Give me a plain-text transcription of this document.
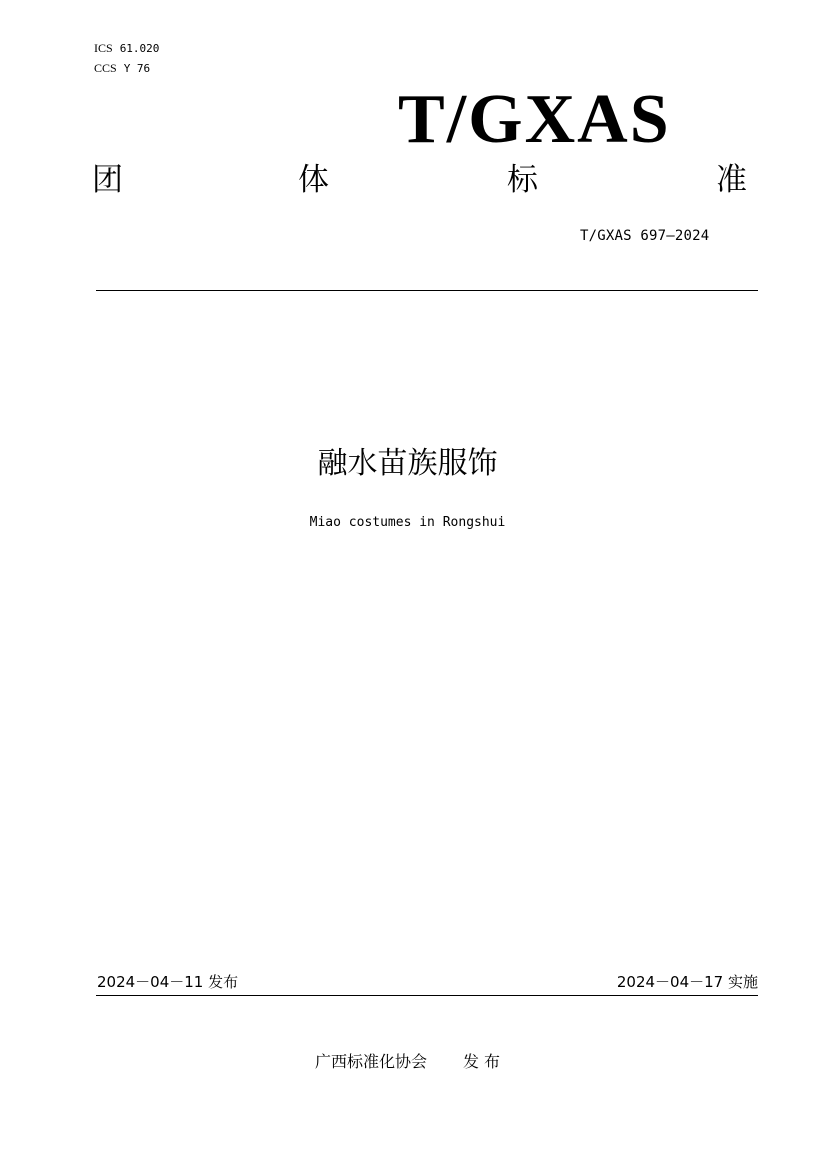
ICS 61.020
CCS Y 76
T/GXAS
团	体	标	准
T/GXAS 697—2024
融水苗族服饰
Miao costumes in Rongshui
2024－04－11 发布	2024－04－17 实施
广西标准化协会 发 布
